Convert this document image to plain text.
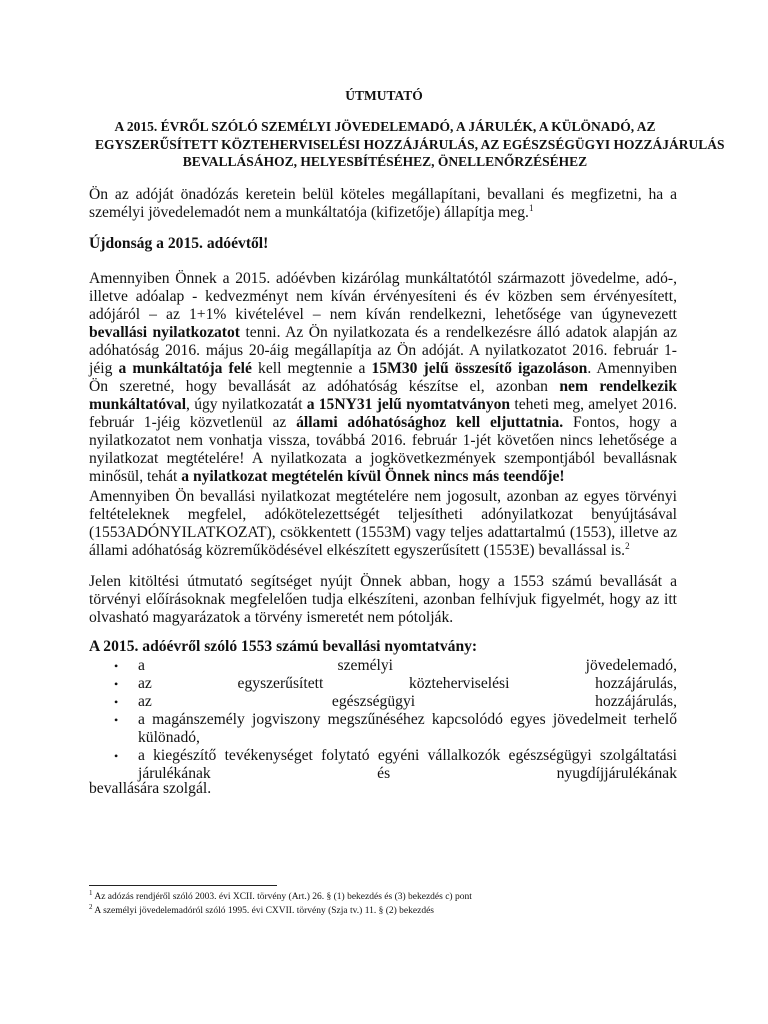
ÚTMUTATÓ
A 2015. ÉVRŐL SZÓLÓ SZEMÉLYI JÖVEDELEMADÓ, A JÁRULÉK, A KÜLÖNADÓ, AZ
EGYSZERŰSÍTETT KÖZTEHERVISELÉSI HOZZÁJÁRULÁS, AZ EGÉSZSÉGÜGYI HOZZÁJÁRULÁS
BEVALLÁSÁHOZ, HELYESBÍTÉSÉHEZ, ÖNELLENŐRZÉSÉHEZ

Ön az adóját önadózás keretein belül köteles megállapítani, bevallani és megfizetni, ha a
személyi jövedelemadót nem a munkáltatója (kifizetője) állapítja meg.$^1$

Újdonság a 2015. adóévtől!

Amennyiben Önnek a 2015. adóévben kizárólag munkáltatótól származott jövedelme, adó-,
illetve adóalap - kedvezményt nem kíván érvényesíteni és év közben sem érvényesített,
adójáról – az 1+1% kivételével – nem kíván rendelkezni, lehetősége van úgynevezett
bevallási nyilatkozatot tenni. Az Ön nyilatkozata és a rendelkezésre álló adatok alapján az
adóhatóság 2016. május 20-áig megállapítja az Ön adóját. A nyilatkozatot 2016. február 1-
jéig a munkáltatója felé kell megtennie a 15M30 jelű összesítő igazoláson. Amennyiben
Ön szeretné, hogy bevallását az adóhatóság készítse el, azonban nem rendelkezik
munkáltatóval, úgy nyilatkozatát a 15NY31 jelű nyomtatványon teheti meg, amelyet 2016.
február 1-jéig közvetlenül az állami adóhatósághoz kell eljuttatnia. Fontos, hogy a
nyilatkozatot nem vonhatja vissza, továbbá 2016. február 1-jét követően nincs lehetősége a
nyilatkozat megtételére! A nyilatkozata a jogkövetkezmények szempontjából bevallásnak
minősül, tehát a nyilatkozat megtételén kívül Önnek nincs más teendője!

Amennyiben Ön bevallási nyilatkozat megtételére nem jogosult, azonban az egyes törvényi
feltételeknek megfelel, adókötelezettségét teljesítheti adónyilatkozat benyújtásával
(1553ADÓNYILATKOZAT), csökkentett (1553M) vagy teljes adattartalmú (1553), illetve az
állami adóhatóság közreműködésével elkészített egyszerűsített (1553E) bevallással is.$^2$

Jelen kitöltési útmutató segítséget nyújt Önnek abban, hogy a 1553 számú bevallását a
törvényi előírásoknak megfelelően tudja elkészíteni, azonban felhívjuk figyelmét, hogy az itt
olvasható magyarázatok a törvény ismeretét nem pótolják.

A 2015. adóévről szóló 1553 számú bevallási nyomtatvány:
• a személyi jövedelemadó,
• az egyszerűsített közteherviselési hozzájárulás,
• az egészségügyi hozzájárulás,
• a magánszemély jogviszony megszűnéséhez kapcsolódó egyes jövedelmeit terhelő
különadó,
• a kiegészítő tevékenységet folytató egyéni vállalkozók egészségügyi szolgáltatási
járulékának és nyugdíjjárulékának
bevallására szolgál.
$^1$ Az adózás rendjéről szóló 2003. évi XCII. törvény (Art.) 26. § (1) bekezdés és (3) bekezdés c) pont
$^2$ A személyi jövedelemadóról szóló 1995. évi CXVII. törvény (Szja tv.) 11. § (2) bekezdés
